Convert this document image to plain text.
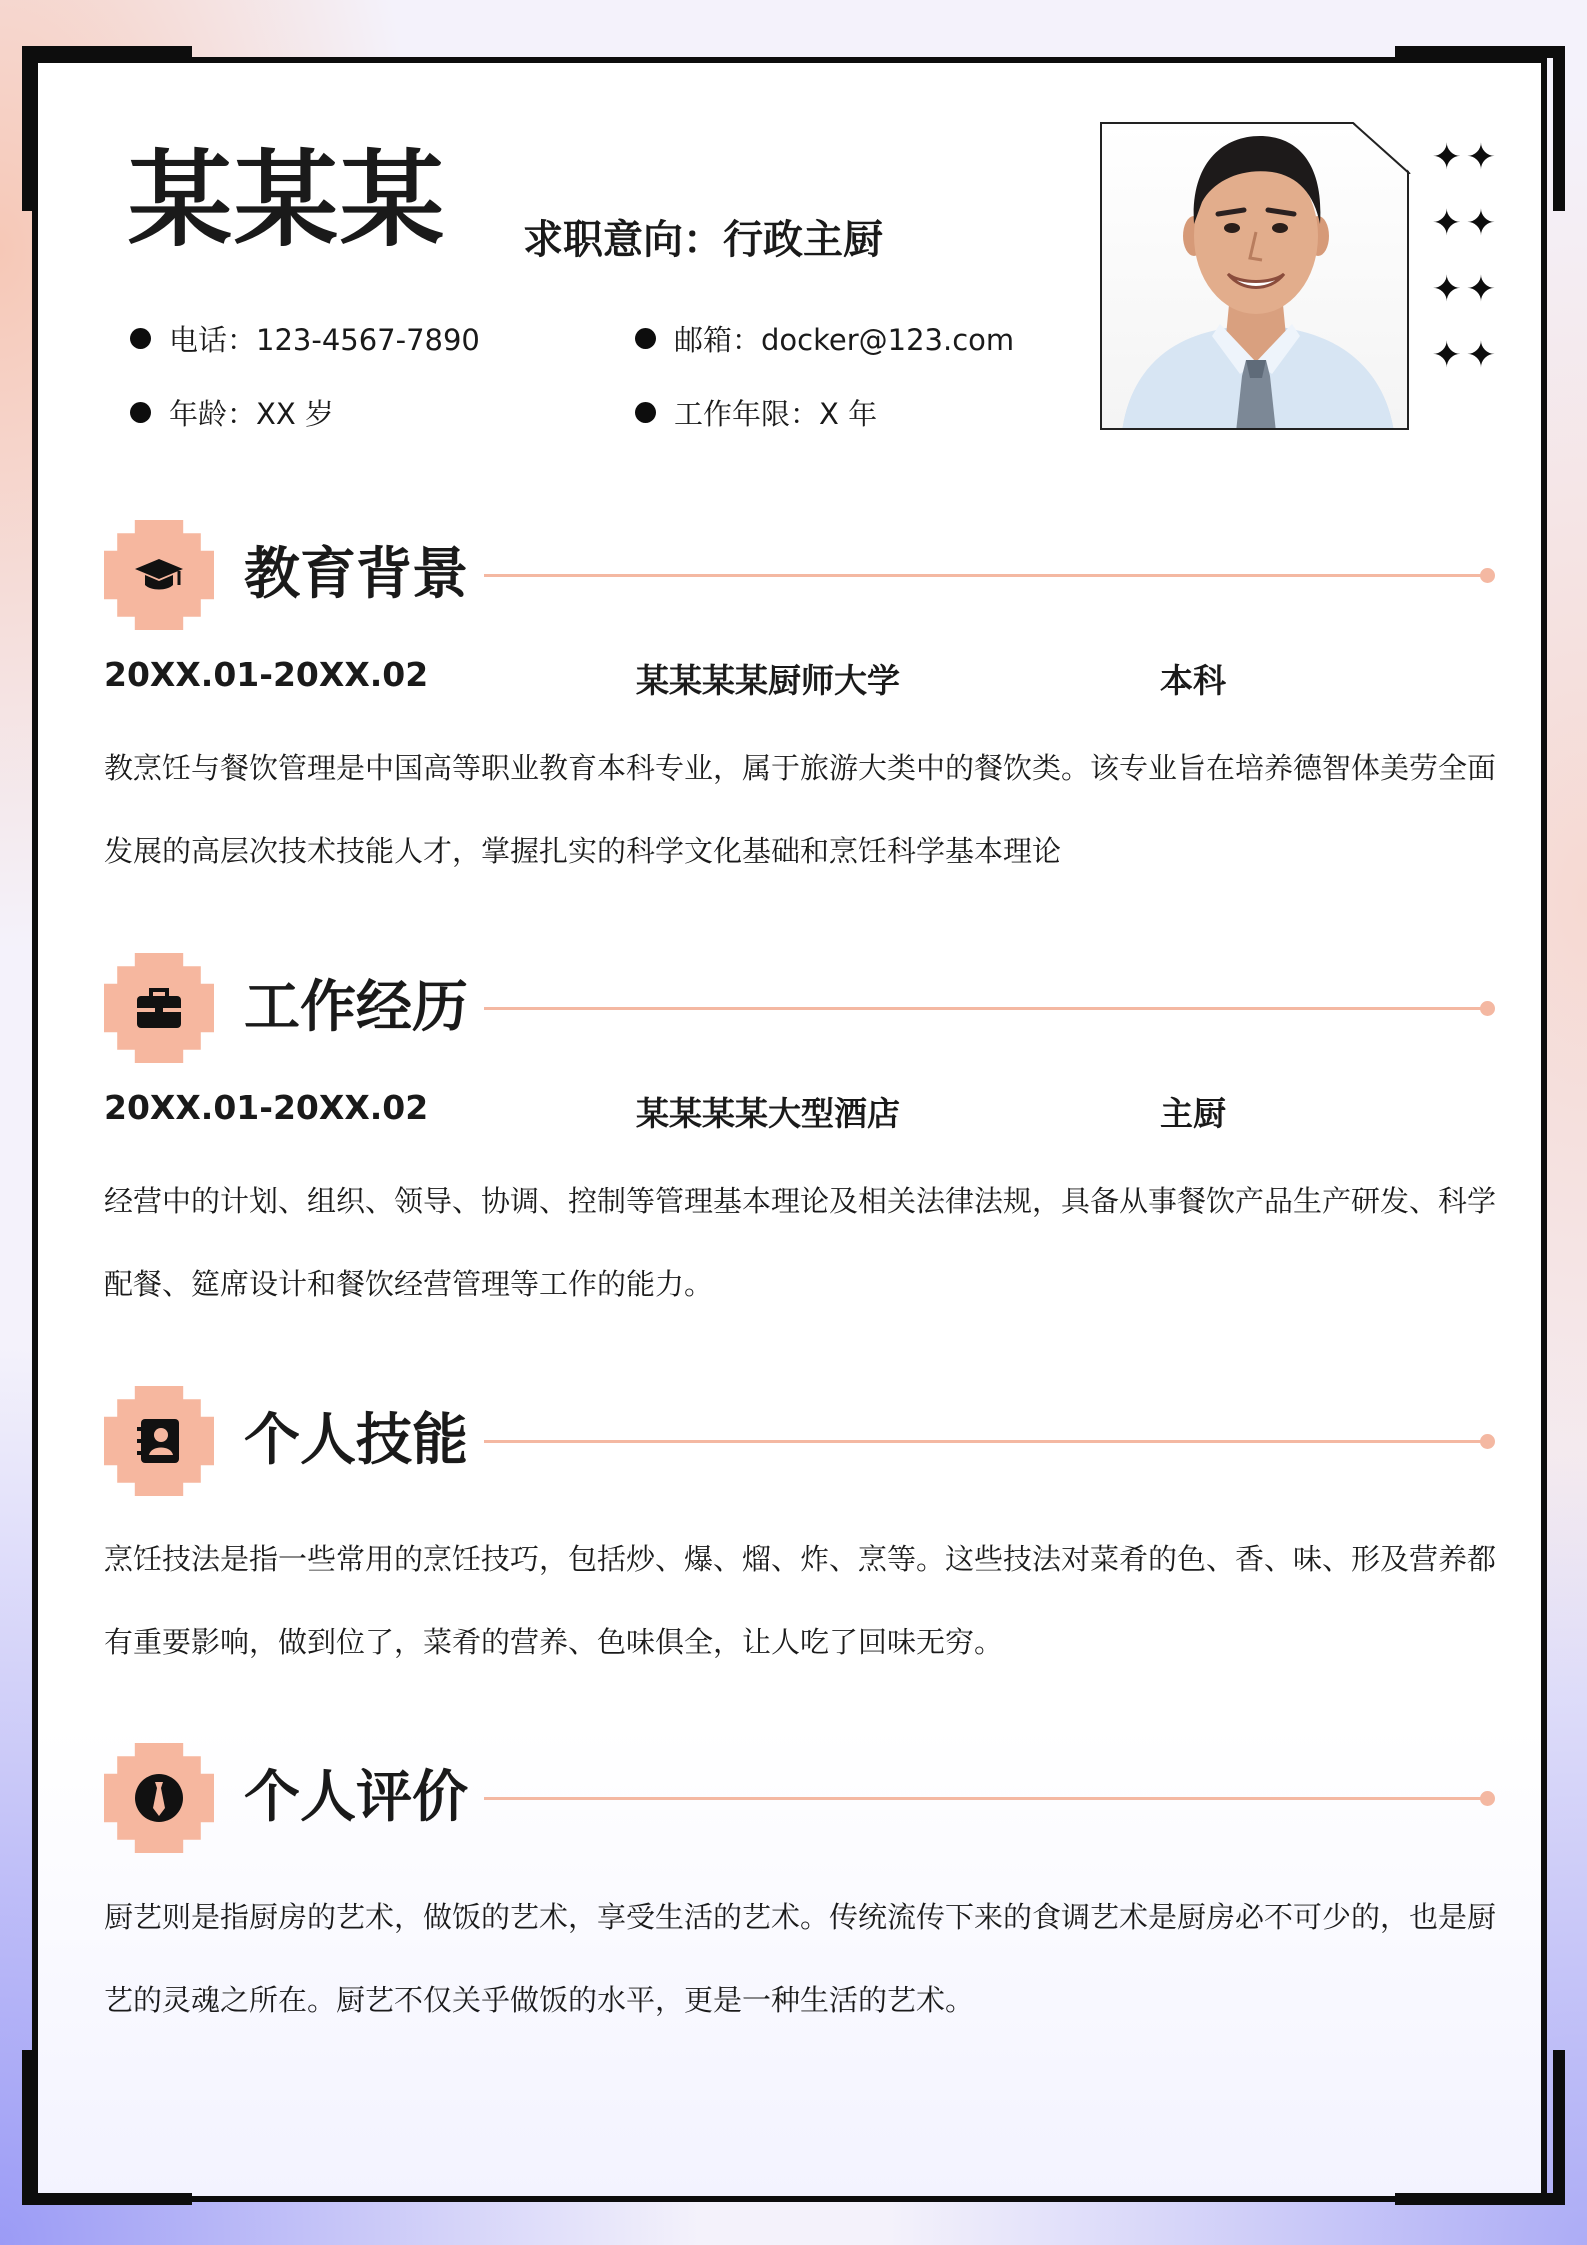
某某某 求职意向：行政主厨
电话：123-4567-7890	邮箱：docker@123.com
年龄：XX 岁	工作年限：X 年
✦✦
✦✦
✦✦
✦✦
教育背景
20XX.01-20XX.02	某某某某厨师大学	本科
教烹饪与餐饮管理是中国高等职业教育本科专业，属于旅游大类中的餐饮类。该专业旨在培养德智体美劳全面发展的高层次技术技能人才，掌握扎实的科学文化基础和烹饪科学基本理论
工作经历
20XX.01-20XX.02	某某某某大型酒店	主厨
经营中的计划、组织、领导、协调、控制等管理基本理论及相关法律法规，具备从事餐饮产品生产研发、科学配餐、筵席设计和餐饮经营管理等工作的能力。
个人技能
烹饪技法是指一些常用的烹饪技巧，包括炒、爆、熘、炸、烹等。这些技法对菜肴的色、香、味、形及营养都有重要影响，做到位了，菜肴的营养、色味俱全，让人吃了回味无穷。
个人评价
厨艺则是指厨房的艺术，做饭的艺术，享受生活的艺术。传统流传下来的食调艺术是厨房必不可少的，也是厨艺的灵魂之所在。厨艺不仅关乎做饭的水平，更是一种生活的艺术。
